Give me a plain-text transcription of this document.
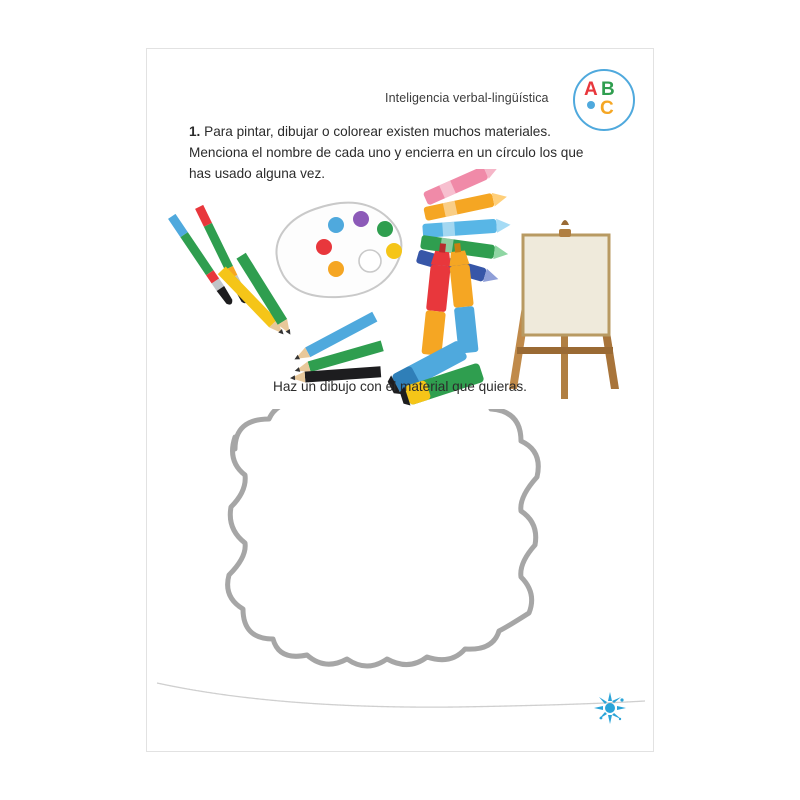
Inteligencia verbal-lingüística A B
C
1. Para pintar, dibujar o colorear existen muchos materiales. Menciona el nombre de cada uno y encierra en un círculo los que has usado alguna vez.
Haz un dibujo con el material que quieras.
